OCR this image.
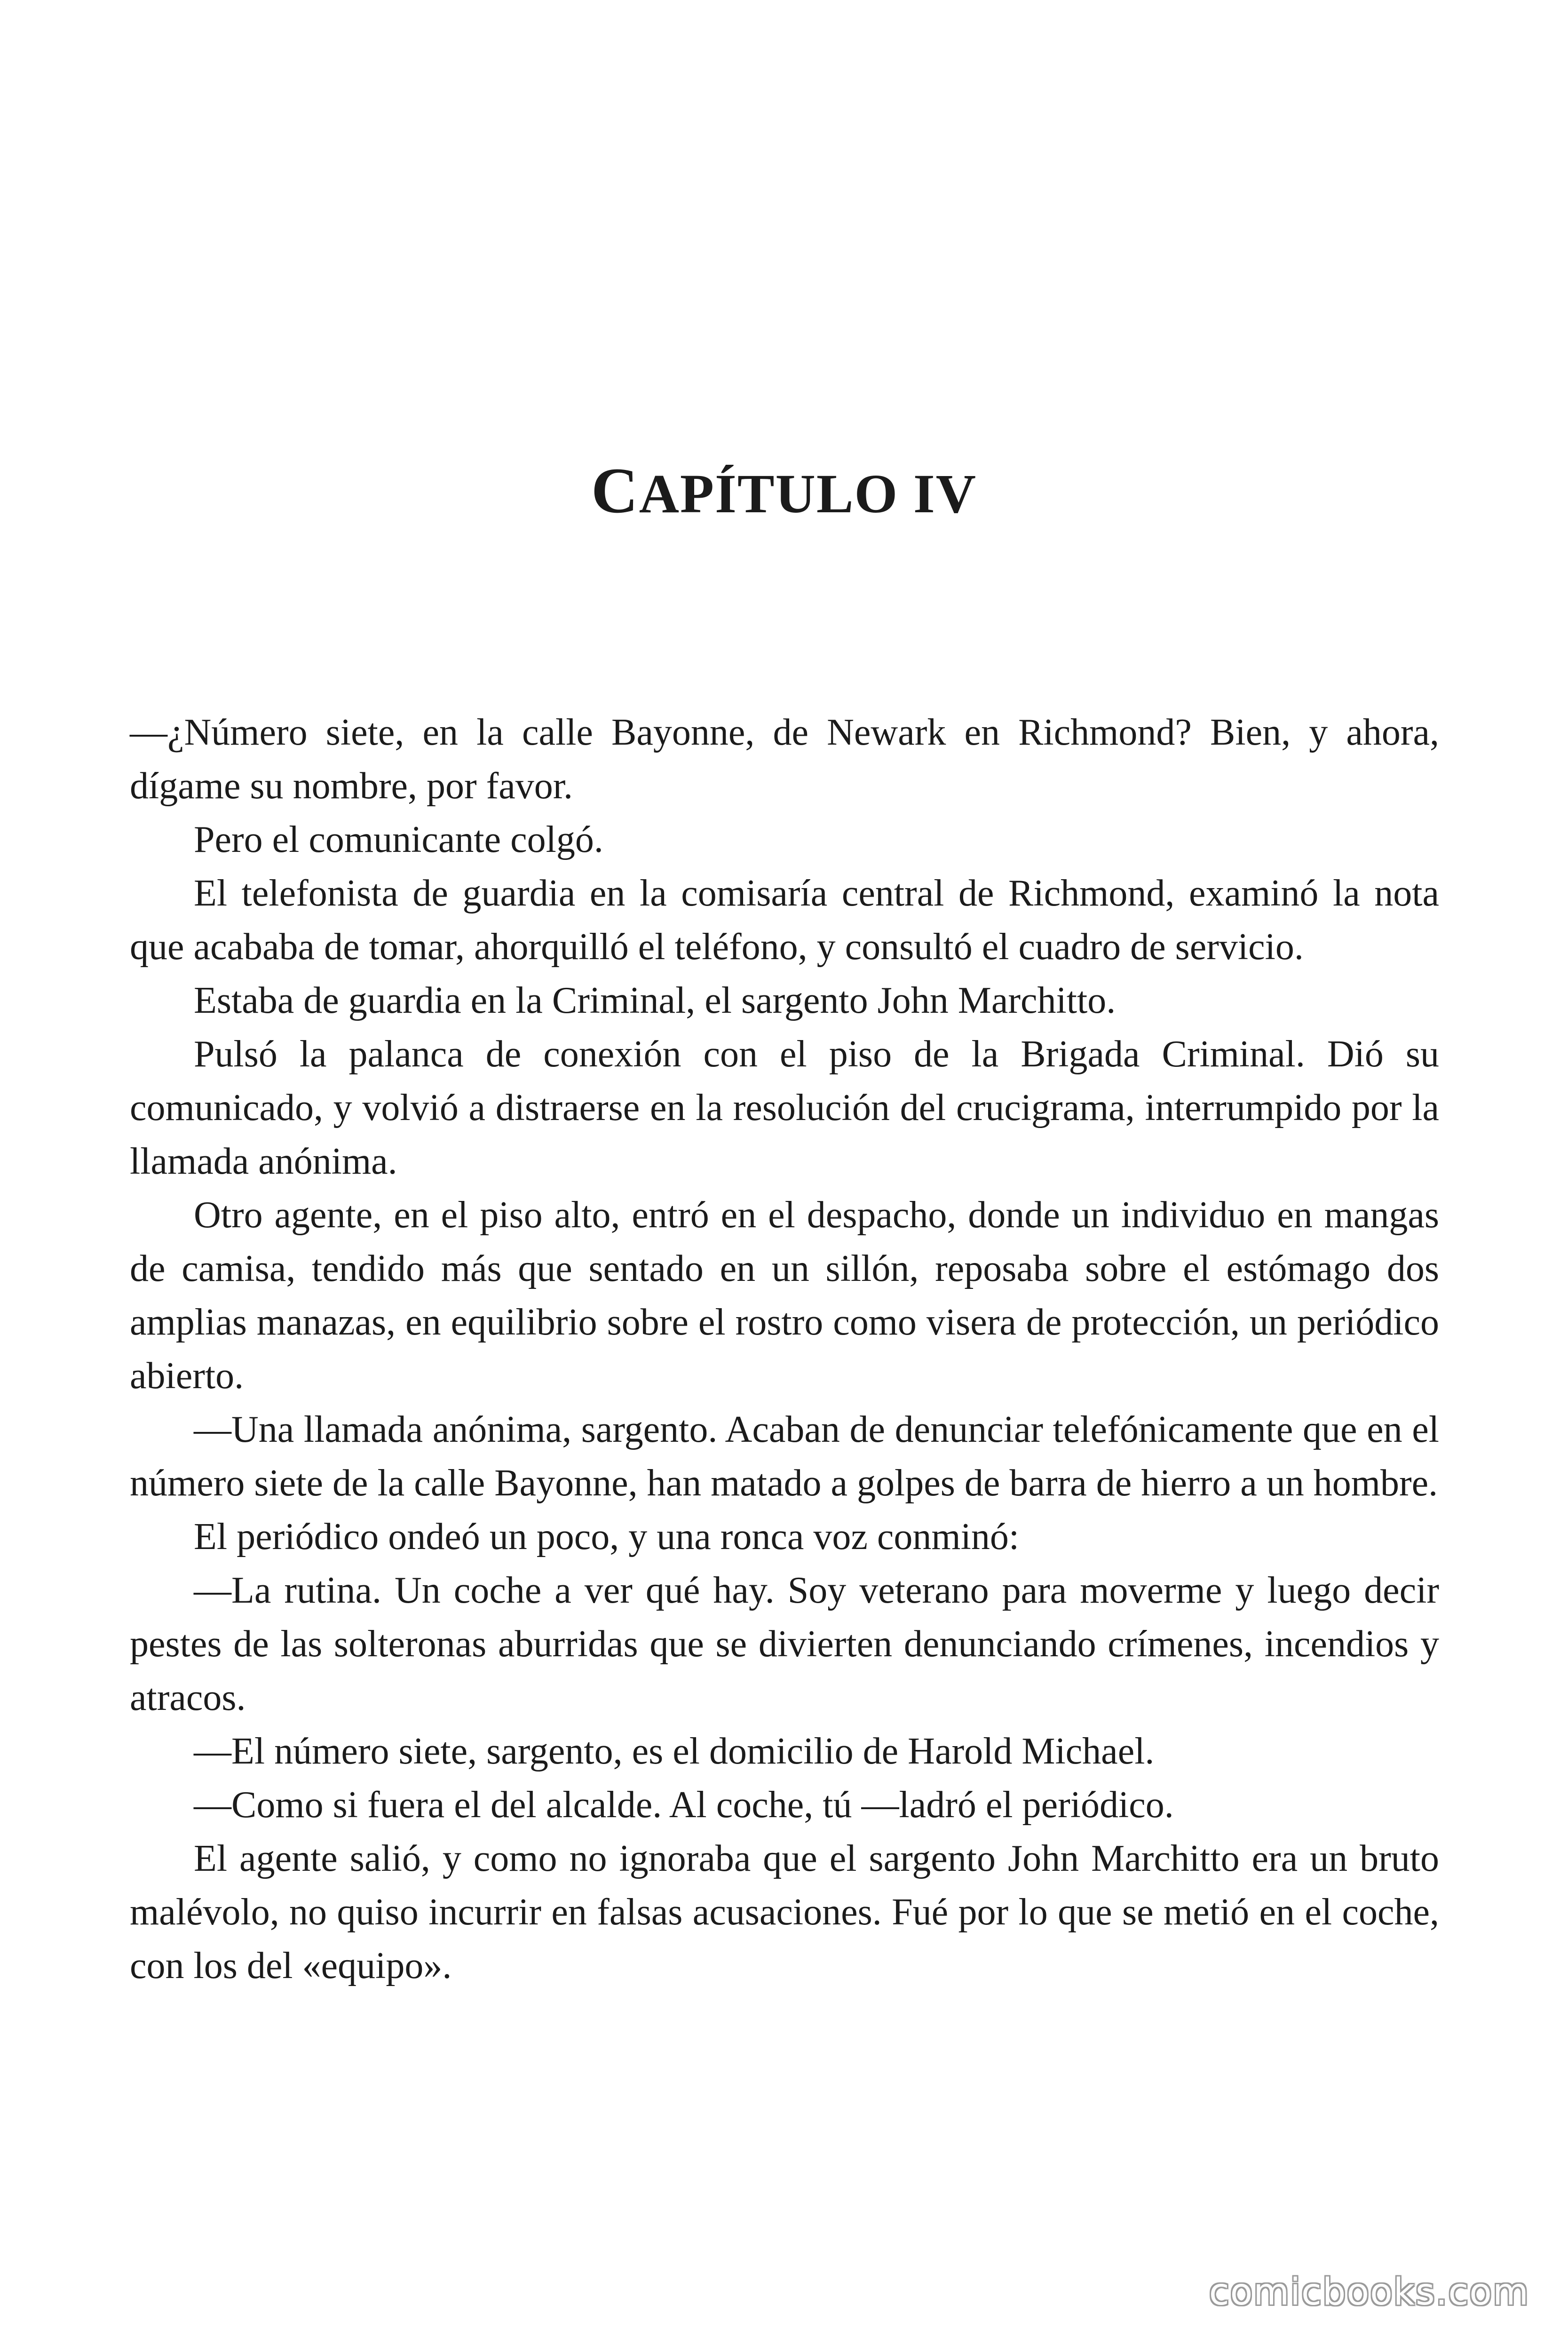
CAPÍTULO IV

—¿Número siete, en la calle Bayonne, de Newark en Richmond? Bien, y ahora, dígame su nombre, por favor.

Pero el comunicante colgó.

El telefonista de guardia en la comisaría central de Richmond, examinó la nota que acababa de tomar, ahorquilló el teléfono, y consultó el cuadro de servicio.

Estaba de guardia en la Criminal, el sargento John Marchitto.

Pulsó la palanca de conexión con el piso de la Brigada Criminal. Dió su comunicado, y volvió a distraerse en la resolución del crucigrama, interrumpido por la llamada anónima.

Otro agente, en el piso alto, entró en el despacho, donde un individuo en mangas de camisa, tendido más que sentado en un sillón, reposaba sobre el estómago dos amplias manazas, en equilibrio sobre el rostro como visera de protección, un periódico abierto.

—Una llamada anónima, sargento. Acaban de denunciar telefónicamente que en el número siete de la calle Bayonne, han matado a golpes de barra de hierro a un hombre.

El periódico ondeó un poco, y una ronca voz conminó:

—La rutina. Un coche a ver qué hay. Soy veterano para moverme y luego decir pestes de las solteronas aburridas que se divierten denunciando crímenes, incendios y atracos.

—El número siete, sargento, es el domicilio de Harold Michael.

—Como si fuera el del alcalde. Al coche, tú —ladró el periódico.

El agente salió, y como no ignoraba que el sargento John Marchitto era un bruto malévolo, no quiso incurrir en falsas acusaciones. Fué por lo que se metió en el coche, con los del «equipo».

comicbooks.com
